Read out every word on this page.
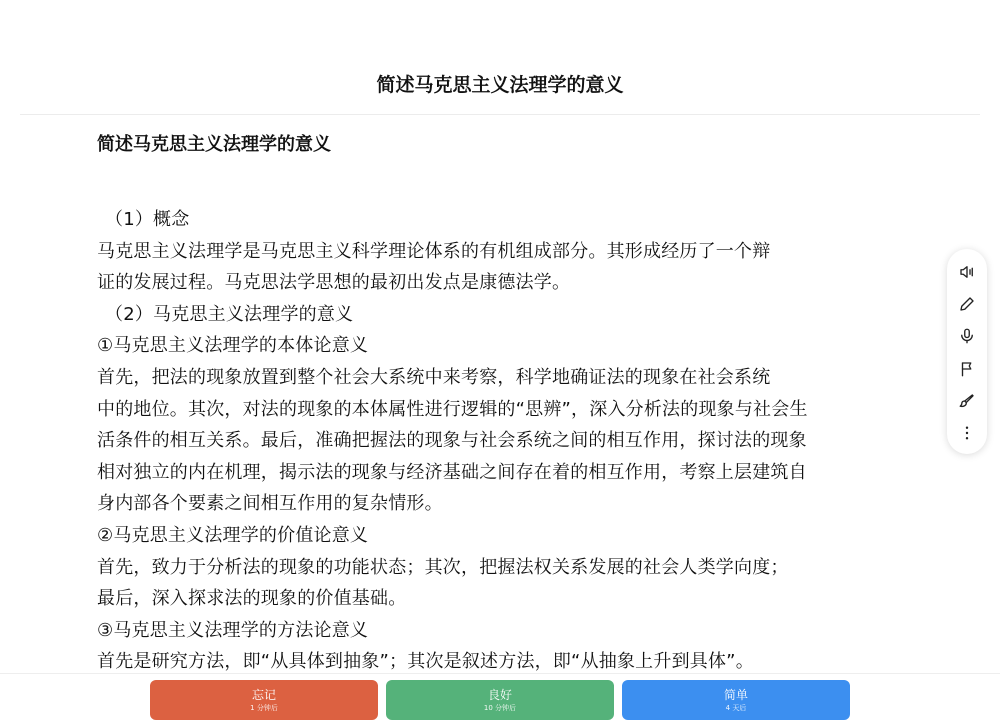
简述马克思主义法理学的意义
简述马克思主义法理学的意义
（1）概念
马克思主义法理学是马克思主义科学理论体系的有机组成部分。其形成经历了一个辩
证的发展过程。马克思法学思想的最初出发点是康德法学。
（2）马克思主义法理学的意义
①马克思主义法理学的本体论意义
首先，把法的现象放置到整个社会大系统中来考察，科学地确证法的现象在社会系统
中的地位。其次，对法的现象的本体属性进行逻辑的“思辨”，深入分析法的现象与社会生
活条件的相互关系。最后，准确把握法的现象与社会系统之间的相互作用，探讨法的现象
相对独立的内在机理，揭示法的现象与经济基础之间存在着的相互作用，考察上层建筑自
身内部各个要素之间相互作用的复杂情形。
②马克思主义法理学的价值论意义
首先，致力于分析法的现象的功能状态；其次，把握法权关系发展的社会人类学向度；
最后，深入探求法的现象的价值基础。
③马克思主义法理学的方法论意义
首先是研究方法，即“从具体到抽象”；其次是叙述方法，即“从抽象上升到具体”。
忘记
1 分钟后
良好
10 分钟后
简单
4 天后
